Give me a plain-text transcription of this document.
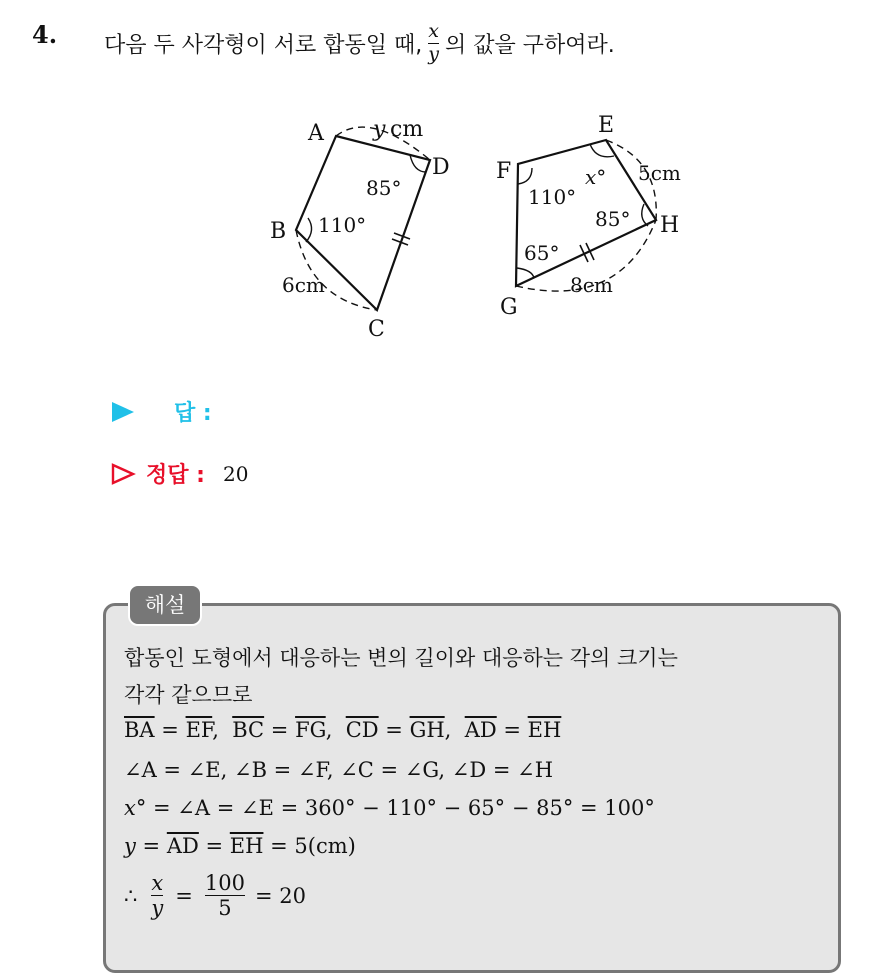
4. 다음 두 사각형이 서로 합동일 때, $\frac{x}{y}$ 의 값을 구하여라.
A
D
C
B
y cm
85°
110°
6cm
E
F
G
H
5cm
110°
x°
85°
65°
8cm
답 :
정답 : 20
해설
합동인 도형에서 대응하는 변의 길이와 대응하는 각의 크기는
각각 같으므로
$\overline{BA} = \overline{EF}$,  $\overline{BC} = \overline{FG}$,  $\overline{CD} = \overline{GH}$,  $\overline{AD} = \overline{EH}$
∠A = ∠E, ∠B = ∠F, ∠C = ∠G, ∠D = ∠H
x° = ∠A = ∠E = 360° − 110° − 65° − 85° = 100°
$y = \overline{AD} = \overline{EH} = 5(cm)$
∴ $\frac{x}{y} = \frac{100}{5} = 20$
